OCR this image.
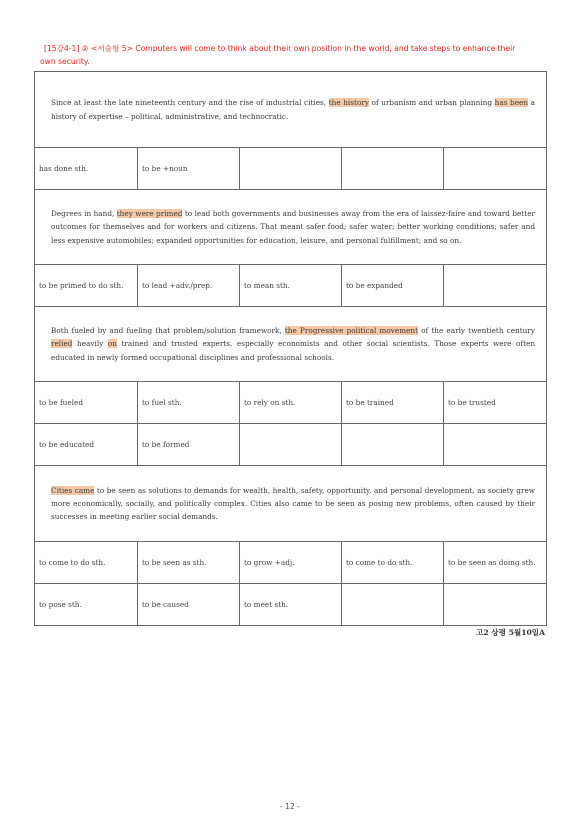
[15강4-1] ② <서술형 5> Computers will come to think about their own position in the world, and take steps to enhance their
own security.
Since at least the late nineteenth century and the rise of industrial cities, the history of urbanism and urban planning has been a history of expertise – political, administrative, and technocratic.				
has done sth.	to be +noun			
Degrees in hand, they were primed to lead both governments and businesses away from the era of laissez-faire and toward better outcomes for themselves and for workers and citizens. That meant safer food; safer water; better working conditions; safer and less expensive automobiles; expanded opportunities for education, leisure, and personal fulfillment; and so on.				
to be primed to do sth.	to lead +adv./prep.	to mean sth.	to be expanded	
Both fueled by and fueling that problem/solution framework, the Progressive political movement of the early twentieth century relied heavily on trained and trusted experts, especially economists and other social scientists. Those experts were often educated in newly formed occupational disciplines and professional schools.				
to be fueled	to fuel sth.	to rely on sth.	to be trained	to be trusted
to be educated	to be formed			
Cities came to be seen as solutions to demands for wealth, health, safety, opportunity, and personal development, as society grew more economically, socially, and politically complex. Cities also came to be seen as posing new problems, often caused by their successes in meeting earlier social demands.				
to come to do sth.	to be seen as sth.	to grow +adj.	to come to do sth.	to be seen as doing sth.
to pose sth.	to be caused	to meet sth.		
고2 상평 5월10일A
- 12 -
